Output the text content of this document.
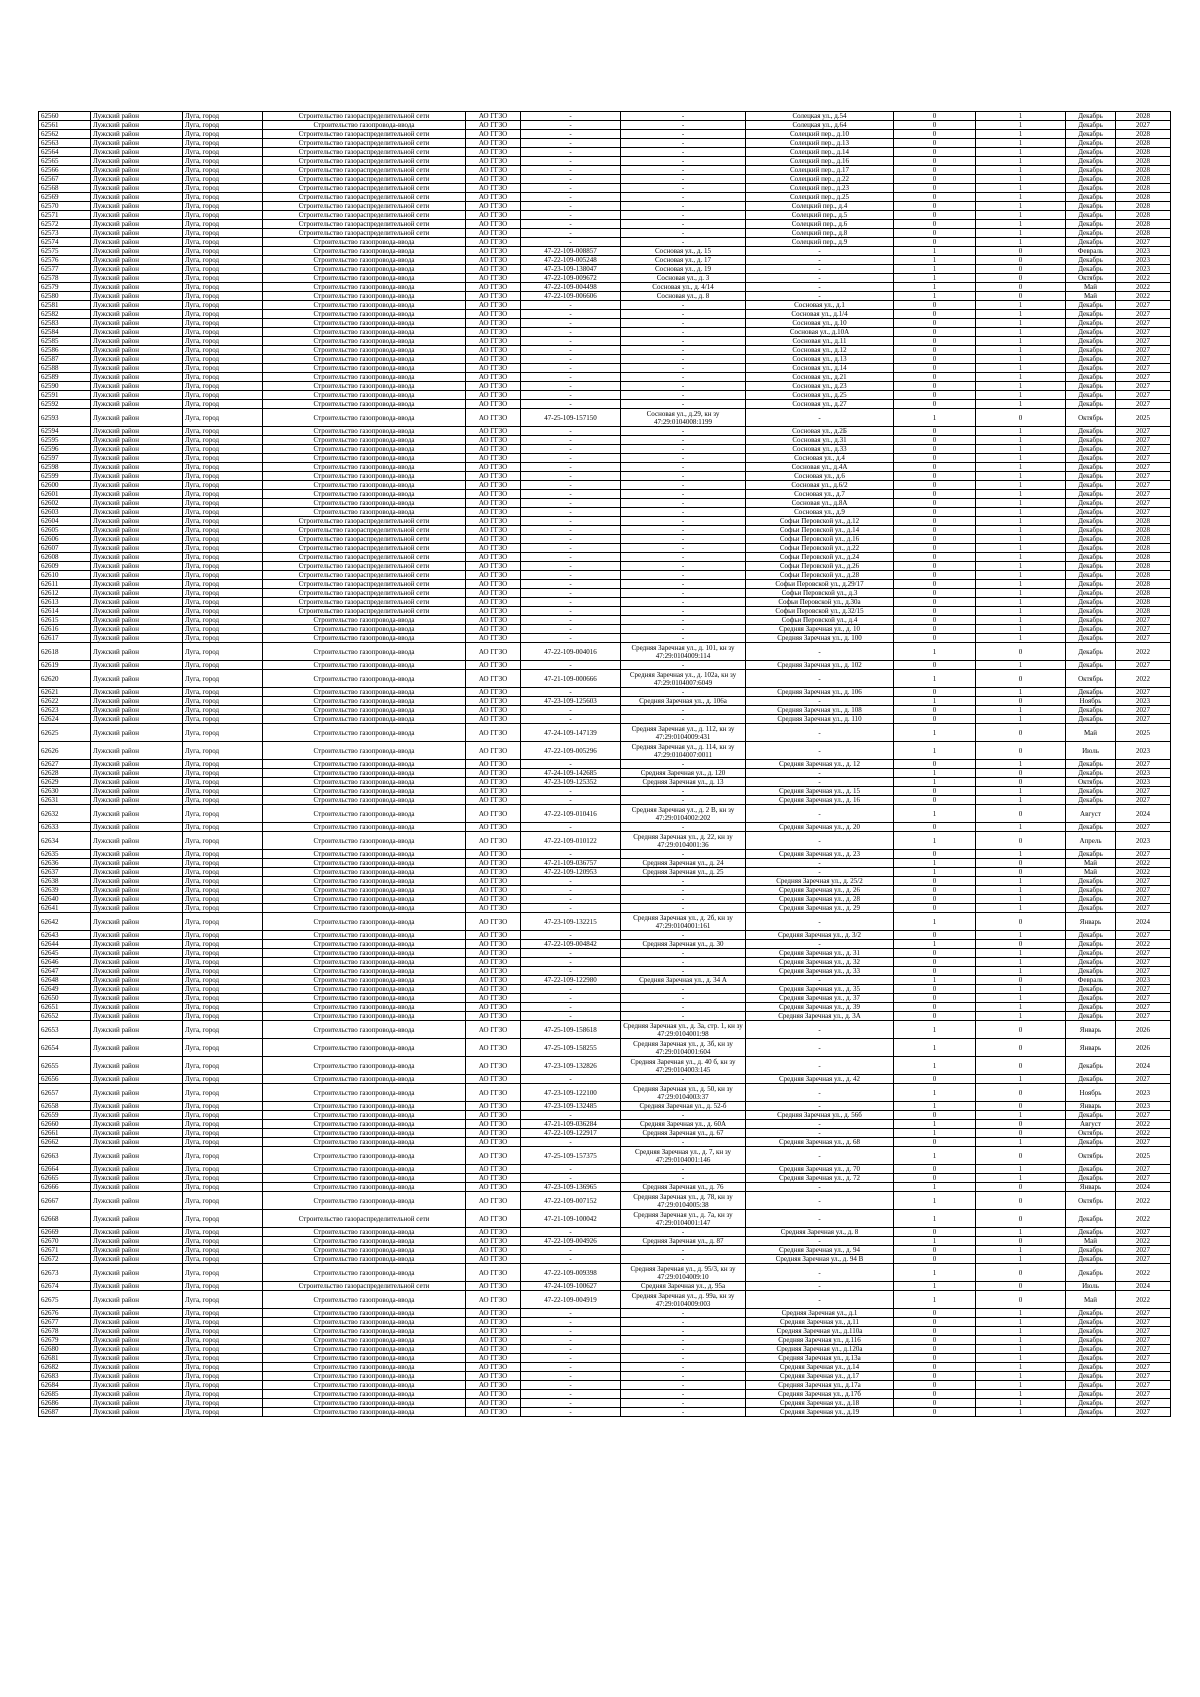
62560	Лужский район	Луга, город	Строительство газораспределительной сети	АО ГГЗО	-	-	Солецкая ул., д.54	0	1	Декабрь	2028
62561	Лужский район	Луга, город	Строительство газопровода-ввода	АО ГГЗО	-	-	Солецкая ул., д.64	0	1	Декабрь	2027
62562	Лужский район	Луга, город	Строительство газораспределительной сети	АО ГГЗО	-	-	Солецкий пер., д.10	0	1	Декабрь	2028
62563	Лужский район	Луга, город	Строительство газораспределительной сети	АО ГГЗО	-	-	Солецкий пер., д.13	0	1	Декабрь	2028
62564	Лужский район	Луга, город	Строительство газораспределительной сети	АО ГГЗО	-	-	Солецкий пер., д.14	0	1	Декабрь	2028
62565	Лужский район	Луга, город	Строительство газораспределительной сети	АО ГГЗО	-	-	Солецкий пер., д.16	0	1	Декабрь	2028
62566	Лужский район	Луга, город	Строительство газораспределительной сети	АО ГГЗО	-	-	Солецкий пер., д.17	0	1	Декабрь	2028
62567	Лужский район	Луга, город	Строительство газораспределительной сети	АО ГГЗО	-	-	Солецкий пер., д.22	0	1	Декабрь	2028
62568	Лужский район	Луга, город	Строительство газораспределительной сети	АО ГГЗО	-	-	Солецкий пер., д.23	0	1	Декабрь	2028
62569	Лужский район	Луга, город	Строительство газораспределительной сети	АО ГГЗО	-	-	Солецкий пер., д.25	0	1	Декабрь	2028
62570	Лужский район	Луга, город	Строительство газораспределительной сети	АО ГГЗО	-	-	Солецкий пер., д.4	0	1	Декабрь	2028
62571	Лужский район	Луга, город	Строительство газораспределительной сети	АО ГГЗО	-	-	Солецкий пер., д.5	0	1	Декабрь	2028
62572	Лужский район	Луга, город	Строительство газораспределительной сети	АО ГГЗО	-	-	Солецкий пер., д.6	0	1	Декабрь	2028
62573	Лужский район	Луга, город	Строительство газораспределительной сети	АО ГГЗО	-	-	Солецкий пер., д.8	0	1	Декабрь	2028
62574	Лужский район	Луга, город	Строительство газопровода-ввода	АО ГГЗО	-	-	Солецкий пер., д.9	0	1	Декабрь	2027
62575	Лужский район	Луга, город	Строительство газопровода-ввода	АО ГГЗО	47-22-109-008857	Сосновая ул., д. 15	-	1	0	Февраль	2023
62576	Лужский район	Луга, город	Строительство газопровода-ввода	АО ГГЗО	47-22-109-005248	Сосновая ул., д. 17	-	1	0	Декабрь	2023
62577	Лужский район	Луга, город	Строительство газопровода-ввода	АО ГГЗО	47-23-109-138047	Сосновая ул., д. 19	-	1	0	Декабрь	2023
62578	Лужский район	Луга, город	Строительство газопровода-ввода	АО ГГЗО	47-22-109-009672	Сосновая ул., д. 3	-	1	0	Октябрь	2022
62579	Лужский район	Луга, город	Строительство газопровода-ввода	АО ГГЗО	47-22-109-004498	Сосновая ул., д. 4/14	-	1	0	Май	2022
62580	Лужский район	Луга, город	Строительство газопровода-ввода	АО ГГЗО	47-22-109-006606	Сосновая ул., д. 8	-	1	0	Май	2022
62581	Лужский район	Луга, город	Строительство газопровода-ввода	АО ГГЗО	-	-	Сосновая ул., д.1	0	1	Декабрь	2027
62582	Лужский район	Луга, город	Строительство газопровода-ввода	АО ГГЗО	-	-	Сосновая ул., д.1/4	0	1	Декабрь	2027
62583	Лужский район	Луга, город	Строительство газопровода-ввода	АО ГГЗО	-	-	Сосновая ул., д.10	0	1	Декабрь	2027
62584	Лужский район	Луга, город	Строительство газопровода-ввода	АО ГГЗО	-	-	Сосновая ул., д.10А	0	1	Декабрь	2027
62585	Лужский район	Луга, город	Строительство газопровода-ввода	АО ГГЗО	-	-	Сосновая ул., д.11	0	1	Декабрь	2027
62586	Лужский район	Луга, город	Строительство газопровода-ввода	АО ГГЗО	-	-	Сосновая ул., д.12	0	1	Декабрь	2027
62587	Лужский район	Луга, город	Строительство газопровода-ввода	АО ГГЗО	-	-	Сосновая ул., д.13	0	1	Декабрь	2027
62588	Лужский район	Луга, город	Строительство газопровода-ввода	АО ГГЗО	-	-	Сосновая ул., д.14	0	1	Декабрь	2027
62589	Лужский район	Луга, город	Строительство газопровода-ввода	АО ГГЗО	-	-	Сосновая ул., д.21	0	1	Декабрь	2027
62590	Лужский район	Луга, город	Строительство газопровода-ввода	АО ГГЗО	-	-	Сосновая ул., д.23	0	1	Декабрь	2027
62591	Лужский район	Луга, город	Строительство газопровода-ввода	АО ГГЗО	-	-	Сосновая ул., д.25	0	1	Декабрь	2027
62592	Лужский район	Луга, город	Строительство газопровода-ввода	АО ГГЗО	-	-	Сосновая ул., д.27	0	1	Декабрь	2027
62593	Лужский район	Луга, город	Строительство газопровода-ввода	АО ГГЗО	47-25-109-157150	Сосновая ул., д.29, кн зу 47:29:0104008:1199	-	1	0	Октябрь	2025
62594	Лужский район	Луга, город	Строительство газопровода-ввода	АО ГГЗО	-	-	Сосновая ул., д.2Б	0	1	Декабрь	2027
62595	Лужский район	Луга, город	Строительство газопровода-ввода	АО ГГЗО	-	-	Сосновая ул., д.31	0	1	Декабрь	2027
62596	Лужский район	Луга, город	Строительство газопровода-ввода	АО ГГЗО	-	-	Сосновая ул., д.33	0	1	Декабрь	2027
62597	Лужский район	Луга, город	Строительство газопровода-ввода	АО ГГЗО	-	-	Сосновая ул., д.4	0	1	Декабрь	2027
62598	Лужский район	Луга, город	Строительство газопровода-ввода	АО ГГЗО	-	-	Сосновая ул., д.4А	0	1	Декабрь	2027
62599	Лужский район	Луга, город	Строительство газопровода-ввода	АО ГГЗО	-	-	Сосновая ул., д.6	0	1	Декабрь	2027
62600	Лужский район	Луга, город	Строительство газопровода-ввода	АО ГГЗО	-	-	Сосновая ул., д.6/2	0	1	Декабрь	2027
62601	Лужский район	Луга, город	Строительство газопровода-ввода	АО ГГЗО	-	-	Сосновая ул., д.7	0	1	Декабрь	2027
62602	Лужский район	Луга, город	Строительство газопровода-ввода	АО ГГЗО	-	-	Сосновая ул., д.8А	0	1	Декабрь	2027
62603	Лужский район	Луга, город	Строительство газопровода-ввода	АО ГГЗО	-	-	Сосновая ул., д.9	0	1	Декабрь	2027
62604	Лужский район	Луга, город	Строительство газораспределительной сети	АО ГГЗО	-	-	Софьи Перовской ул., д.12	0	1	Декабрь	2028
62605	Лужский район	Луга, город	Строительство газораспределительной сети	АО ГГЗО	-	-	Софьи Перовской ул., д.14	0	1	Декабрь	2028
62606	Лужский район	Луга, город	Строительство газораспределительной сети	АО ГГЗО	-	-	Софьи Перовской ул., д.16	0	1	Декабрь	2028
62607	Лужский район	Луга, город	Строительство газораспределительной сети	АО ГГЗО	-	-	Софьи Перовской ул., д.22	0	1	Декабрь	2028
62608	Лужский район	Луга, город	Строительство газораспределительной сети	АО ГГЗО	-	-	Софьи Перовской ул., д.24	0	1	Декабрь	2028
62609	Лужский район	Луга, город	Строительство газораспределительной сети	АО ГГЗО	-	-	Софьи Перовской ул., д.26	0	1	Декабрь	2028
62610	Лужский район	Луга, город	Строительство газораспределительной сети	АО ГГЗО	-	-	Софьи Перовской ул., д.28	0	1	Декабрь	2028
62611	Лужский район	Луга, город	Строительство газораспределительной сети	АО ГГЗО	-	-	Софьи Перовской ул., д.29/17	0	1	Декабрь	2028
62612	Лужский район	Луга, город	Строительство газораспределительной сети	АО ГГЗО	-	-	Софьи Перовской ул., д.3	0	1	Декабрь	2028
62613	Лужский район	Луга, город	Строительство газораспределительной сети	АО ГГЗО	-	-	Софьи Перовской ул., д.30а	0	1	Декабрь	2028
62614	Лужский район	Луга, город	Строительство газораспределительной сети	АО ГГЗО	-	-	Софьи Перовской ул., д.32/15	0	1	Декабрь	2028
62615	Лужский район	Луга, город	Строительство газопровода-ввода	АО ГГЗО	-	-	Софьи Перовской ул., д.4	0	1	Декабрь	2027
62616	Лужский район	Луга, город	Строительство газопровода-ввода	АО ГГЗО	-	-	Средняя Заречная ул., д. 10	0	1	Декабрь	2027
62617	Лужский район	Луга, город	Строительство газопровода-ввода	АО ГГЗО	-	-	Средняя Заречная ул., д. 100	0	1	Декабрь	2027
62618	Лужский район	Луга, город	Строительство газопровода-ввода	АО ГГЗО	47-22-109-004016	Средняя Заречная ул., д. 101, кн зу 47:29:0104009:114	-	1	0	Декабрь	2022
62619	Лужский район	Луга, город	Строительство газопровода-ввода	АО ГГЗО	-	-	Средняя Заречная ул., д. 102	0	1	Декабрь	2027
62620	Лужский район	Луга, город	Строительство газопровода-ввода	АО ГГЗО	47-21-109-000666	Средняя Заречная ул., д. 102а, кн зу 47:29:0104007:6049	-	1	0	Октябрь	2022
62621	Лужский район	Луга, город	Строительство газопровода-ввода	АО ГГЗО	-	-	Средняя Заречная ул., д. 106	0	1	Декабрь	2027
62622	Лужский район	Луга, город	Строительство газопровода-ввода	АО ГГЗО	47-23-109-125603	Средняя Заречная ул., д. 106а	-	1	0	Ноябрь	2023
62623	Лужский район	Луга, город	Строительство газопровода-ввода	АО ГГЗО	-	-	Средняя Заречная ул., д. 108	0	1	Декабрь	2027
62624	Лужский район	Луга, город	Строительство газопровода-ввода	АО ГГЗО	-	-	Средняя Заречная ул., д. 110	0	1	Декабрь	2027
62625	Лужский район	Луга, город	Строительство газопровода-ввода	АО ГГЗО	47-24-109-147139	Средняя Заречная ул., д. 112, кн зу 47:29:0104009:431	-	1	0	Май	2025
62626	Лужский район	Луга, город	Строительство газопровода-ввода	АО ГГЗО	47-22-109-005296	Средняя Заречная ул., д. 114, кн зу 47:29:0104007:0011	-	1	0	Июль	2023
62627	Лужский район	Луга, город	Строительство газопровода-ввода	АО ГГЗО	-	-	Средняя Заречная ул., д. 12	0	1	Декабрь	2027
62628	Лужский район	Луга, город	Строительство газопровода-ввода	АО ГГЗО	47-24-109-142685	Средняя Заречная ул., д. 120	-	1	0	Декабрь	2023
62629	Лужский район	Луга, город	Строительство газопровода-ввода	АО ГГЗО	47-23-109-125352	Средняя Заречная ул., д. 13	-	1	0	Октябрь	2023
62630	Лужский район	Луга, город	Строительство газопровода-ввода	АО ГГЗО	-	-	Средняя Заречная ул., д. 15	0	1	Декабрь	2027
62631	Лужский район	Луга, город	Строительство газопровода-ввода	АО ГГЗО	-	-	Средняя Заречная ул., д. 16	0	1	Декабрь	2027
62632	Лужский район	Луга, город	Строительство газопровода-ввода	АО ГГЗО	47-22-109-010416	Средняя Заречная ул., д. 2 В, кн зу 47:29:0104002:202	-	1	0	Август	2024
62633	Лужский район	Луга, город	Строительство газопровода-ввода	АО ГГЗО	-	-	Средняя Заречная ул., д. 20	0	1	Декабрь	2027
62634	Лужский район	Луга, город	Строительство газопровода-ввода	АО ГГЗО	47-22-109-010122	Средняя Заречная ул., д. 22, кн зу 47:29:0104001:36	-	1	0	Апрель	2023
62635	Лужский район	Луга, город	Строительство газопровода-ввода	АО ГГЗО	-	-	Средняя Заречная ул., д. 23	0	1	Декабрь	2027
62636	Лужский район	Луга, город	Строительство газопровода-ввода	АО ГГЗО	47-21-109-036757	Средняя Заречная ул., д. 24	-	1	0	Май	2022
62637	Лужский район	Луга, город	Строительство газопровода-ввода	АО ГГЗО	47-22-109-120953	Средняя Заречная ул., д. 25	-	1	0	Май	2022
62638	Лужский район	Луга, город	Строительство газопровода-ввода	АО ГГЗО	-	-	Средняя Заречная ул., д. 25/2	0	1	Декабрь	2027
62639	Лужский район	Луга, город	Строительство газопровода-ввода	АО ГГЗО	-	-	Средняя Заречная ул., д. 26	0	1	Декабрь	2027
62640	Лужский район	Луга, город	Строительство газопровода-ввода	АО ГГЗО	-	-	Средняя Заречная ул., д. 28	0	1	Декабрь	2027
62641	Лужский район	Луга, город	Строительство газопровода-ввода	АО ГГЗО	-	-	Средняя Заречная ул., д. 29	0	1	Декабрь	2027
62642	Лужский район	Луга, город	Строительство газопровода-ввода	АО ГГЗО	47-23-109-132215	Средняя Заречная ул., д. 2б, кн зу 47:29:0104001:161	-	1	0	Январь	2024
62643	Лужский район	Луга, город	Строительство газопровода-ввода	АО ГГЗО	-	-	Средняя Заречная ул., д. 3/2	0	1	Декабрь	2027
62644	Лужский район	Луга, город	Строительство газопровода-ввода	АО ГГЗО	47-22-109-004842	Средняя Заречная ул., д. 30	-	1	0	Декабрь	2022
62645	Лужский район	Луга, город	Строительство газопровода-ввода	АО ГГЗО	-	-	Средняя Заречная ул., д. 31	0	1	Декабрь	2027
62646	Лужский район	Луга, город	Строительство газопровода-ввода	АО ГГЗО	-	-	Средняя Заречная ул., д. 32	0	1	Декабрь	2027
62647	Лужский район	Луга, город	Строительство газопровода-ввода	АО ГГЗО	-	-	Средняя Заречная ул., д. 33	0	1	Декабрь	2027
62648	Лужский район	Луга, город	Строительство газопровода-ввода	АО ГГЗО	47-22-109-122980	Средняя Заречная ул., д. 34 А	-	1	0	Февраль	2023
62649	Лужский район	Луга, город	Строительство газопровода-ввода	АО ГГЗО	-	-	Средняя Заречная ул., д. 35	0	1	Декабрь	2027
62650	Лужский район	Луга, город	Строительство газопровода-ввода	АО ГГЗО	-	-	Средняя Заречная ул., д. 37	0	1	Декабрь	2027
62651	Лужский район	Луга, город	Строительство газопровода-ввода	АО ГГЗО	-	-	Средняя Заречная ул., д. 39	0	1	Декабрь	2027
62652	Лужский район	Луга, город	Строительство газопровода-ввода	АО ГГЗО	-	-	Средняя Заречная ул., д. 3А	0	1	Декабрь	2027
62653	Лужский район	Луга, город	Строительство газопровода-ввода	АО ГГЗО	47-25-109-158618	Средняя Заречная ул., д. 3а, стр. 1, кн зу 47:29:0104001:98	-	1	0	Январь	2026
62654	Лужский район	Луга, город	Строительство газопровода-ввода	АО ГГЗО	47-25-109-158255	Средняя Заречная ул., д. 3б, кн зу 47:29:0104001:604	-	1	0	Январь	2026
62655	Лужский район	Луга, город	Строительство газопровода-ввода	АО ГГЗО	47-23-109-132826	Средняя Заречная ул., д. 40 б, кн зу 47:29:0104003:145	-	1	0	Декабрь	2024
62656	Лужский район	Луга, город	Строительство газопровода-ввода	АО ГГЗО	-	-	Средняя Заречная ул., д. 42	0	1	Декабрь	2027
62657	Лужский район	Луга, город	Строительство газопровода-ввода	АО ГГЗО	47-23-109-122100	Средняя Заречная ул., д. 50, кн зу 47:29:0104003:37	-	1	0	Ноябрь	2023
62658	Лужский район	Луга, город	Строительство газопровода-ввода	АО ГГЗО	47-23-109-132485	Средняя Заречная ул., д. 52-б	-	1	0	Январь	2023
62659	Лужский район	Луга, город	Строительство газопровода-ввода	АО ГГЗО	-	-	Средняя Заречная ул., д. 56б	0	1	Декабрь	2027
62660	Лужский район	Луга, город	Строительство газопровода-ввода	АО ГГЗО	47-21-109-036284	Средняя Заречная ул., д. 60А	-	1	0	Август	2022
62661	Лужский район	Луга, город	Строительство газопровода-ввода	АО ГГЗО	47-22-109-122917	Средняя Заречная ул., д. 67	-	1	0	Октябрь	2022
62662	Лужский район	Луга, город	Строительство газопровода-ввода	АО ГГЗО	-	-	Средняя Заречная ул., д. 68	0	1	Декабрь	2027
62663	Лужский район	Луга, город	Строительство газопровода-ввода	АО ГГЗО	47-25-109-157375	Средняя Заречная ул., д. 7, кн зу 47:29:0104001:146	-	1	0	Октябрь	2025
62664	Лужский район	Луга, город	Строительство газопровода-ввода	АО ГГЗО	-	-	Средняя Заречная ул., д. 70	0	1	Декабрь	2027
62665	Лужский район	Луга, город	Строительство газопровода-ввода	АО ГГЗО	-	-	Средняя Заречная ул., д. 72	0	1	Декабрь	2027
62666	Лужский район	Луга, город	Строительство газопровода-ввода	АО ГГЗО	47-23-109-136965	Средняя Заречная ул., д. 76	-	1	0	Январь	2024
62667	Лужский район	Луга, город	Строительство газопровода-ввода	АО ГГЗО	47-22-109-007152	Средняя Заречная ул., д. 78, кн зу 47:29:0104005:38	-	1	0	Октябрь	2022
62668	Лужский район	Луга, город	Строительство газораспределительной сети	АО ГГЗО	47-21-109-100042	Средняя Заречная ул., д. 7а, кн зу 47:29:0104001:147	-	1	0	Декабрь	2022
62669	Лужский район	Луга, город	Строительство газопровода-ввода	АО ГГЗО	-	-	Средняя Заречная ул., д. 8	0	1	Декабрь	2027
62670	Лужский район	Луга, город	Строительство газопровода-ввода	АО ГГЗО	47-22-109-004926	Средняя Заречная ул., д. 87	-	1	0	Май	2022
62671	Лужский район	Луга, город	Строительство газопровода-ввода	АО ГГЗО	-	-	Средняя Заречная ул., д. 94	0	1	Декабрь	2027
62672	Лужский район	Луга, город	Строительство газопровода-ввода	АО ГГЗО	-	-	Средняя Заречная ул., д. 94 В	0	1	Декабрь	2027
62673	Лужский район	Луга, город	Строительство газопровода-ввода	АО ГГЗО	47-22-109-009398	Средняя Заречная ул., д. 95/3, кн зу 47:29:0104009:10	-	1	0	Декабрь	2022
62674	Лужский район	Луга, город	Строительство газораспределительной сети	АО ГГЗО	47-24-109-100627	Средняя Заречная ул., д. 95а	-	1	0	Июль	2024
62675	Лужский район	Луга, город	Строительство газопровода-ввода	АО ГГЗО	47-22-109-004919	Средняя Заречная ул., д. 99а, кн зу 47:29:0104009:003	-	1	0	Май	2022
62676	Лужский район	Луга, город	Строительство газопровода-ввода	АО ГГЗО	-	-	Средняя Заречная ул., д.1	0	1	Декабрь	2027
62677	Лужский район	Луга, город	Строительство газопровода-ввода	АО ГГЗО	-	-	Средняя Заречная ул., д.11	0	1	Декабрь	2027
62678	Лужский район	Луга, город	Строительство газопровода-ввода	АО ГГЗО	-	-	Средняя Заречная ул., д.110а	0	1	Декабрь	2027
62679	Лужский район	Луга, город	Строительство газопровода-ввода	АО ГГЗО	-	-	Средняя Заречная ул., д.116	0	1	Декабрь	2027
62680	Лужский район	Луга, город	Строительство газопровода-ввода	АО ГГЗО	-	-	Средняя Заречная ул., д.120а	0	1	Декабрь	2027
62681	Лужский район	Луга, город	Строительство газопровода-ввода	АО ГГЗО	-	-	Средняя Заречная ул., д.13а	0	1	Декабрь	2027
62682	Лужский район	Луга, город	Строительство газопровода-ввода	АО ГГЗО	-	-	Средняя Заречная ул., д.14	0	1	Декабрь	2027
62683	Лужский район	Луга, город	Строительство газопровода-ввода	АО ГГЗО	-	-	Средняя Заречная ул., д.17	0	1	Декабрь	2027
62684	Лужский район	Луга, город	Строительство газопровода-ввода	АО ГГЗО	-	-	Средняя Заречная ул., д.17а	0	1	Декабрь	2027
62685	Лужский район	Луга, город	Строительство газопровода-ввода	АО ГГЗО	-	-	Средняя Заречная ул., д.17б	0	1	Декабрь	2027
62686	Лужский район	Луга, город	Строительство газопровода-ввода	АО ГГЗО	-	-	Средняя Заречная ул., д.18	0	1	Декабрь	2027
62687	Лужский район	Луга, город	Строительство газопровода-ввода	АО ГГЗО	-	-	Средняя Заречная ул., д.19	0	1	Декабрь	2027
